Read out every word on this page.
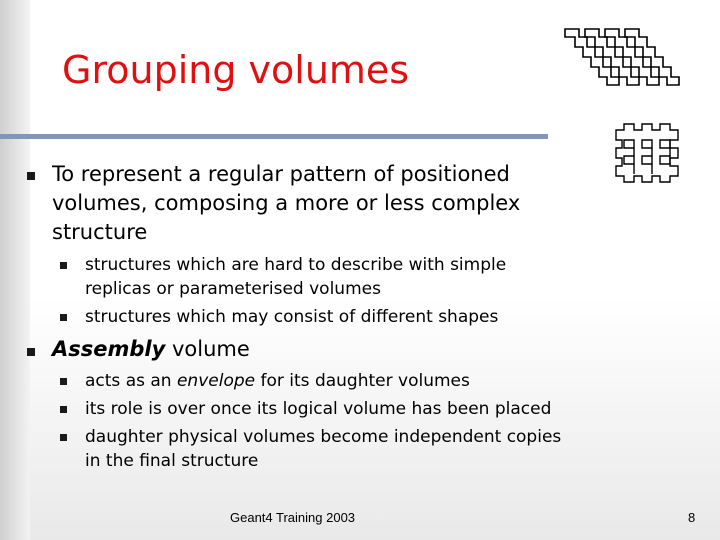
Grouping volumes
To represent a regular pattern of positioned
volumes, composing a more or less complex
structure
structures which are hard to describe with simple
replicas or parameterised volumes
structures which may consist of different shapes
Assembly volume
acts as an envelope for its daughter volumes
its role is over once its logical volume has been placed
daughter physical volumes become independent copies
in the final structure
Geant4 Training 2003	8
